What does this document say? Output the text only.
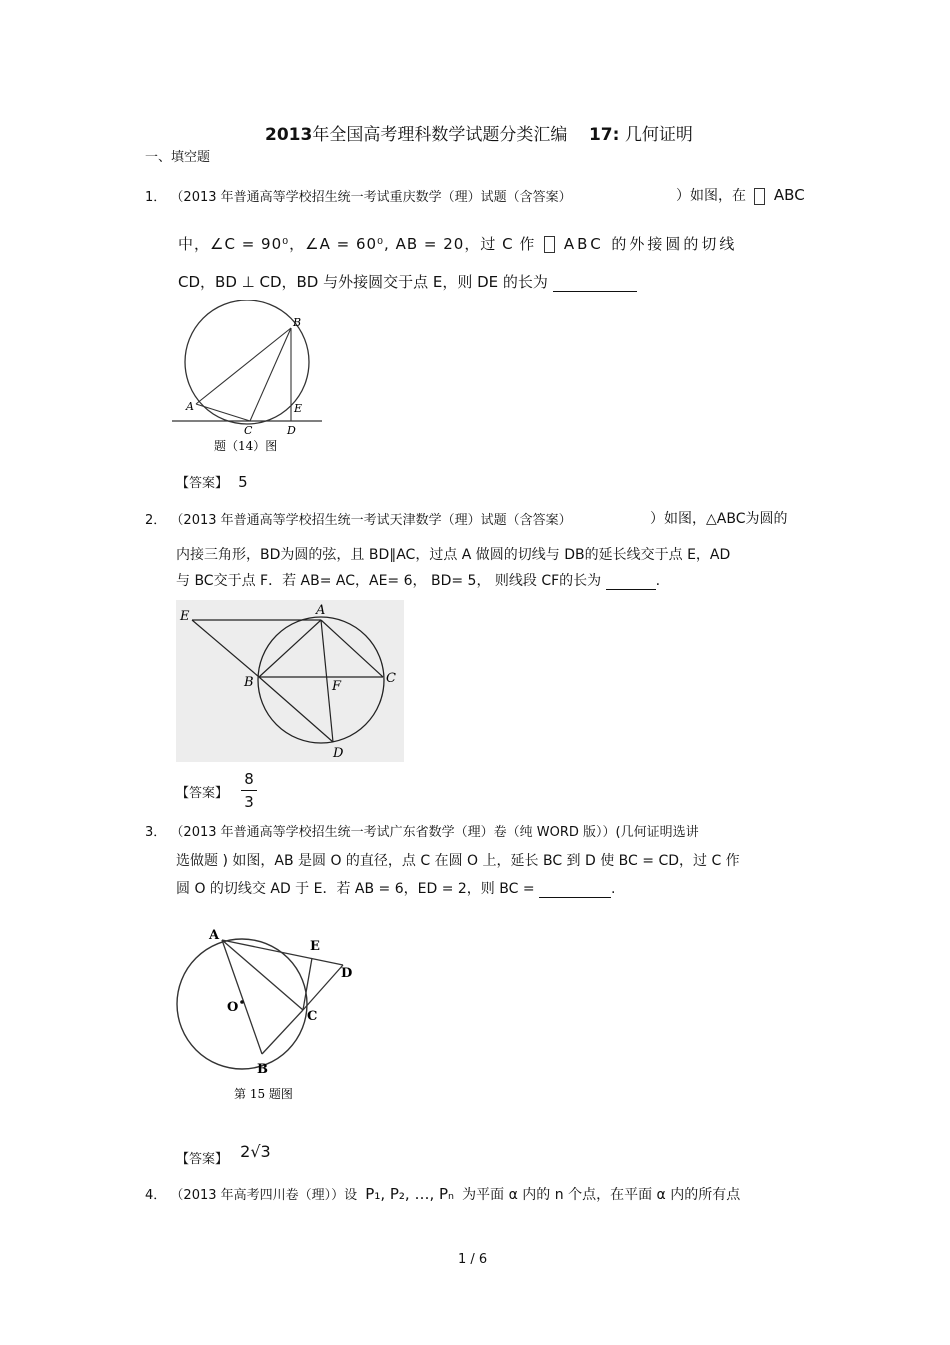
2013年全国高考理科数学试题分类汇编 17: 几何证明
一、填空题
1． （2013 年普通高等学校招生统一考试重庆数学（理）试题（含答案）	）如图，在 ABC
中，∠C = 90⁰，∠A = 60⁰, AB = 20，过 C 作 ABC 的外接圆的切线
CD，BD ⊥ CD，BD 与外接圆交于点 E，则 DE 的长为
B
A	E
C	D
题（14）图
【答案】 5
2． （2013 年普通高等学校招生统一考试天津数学（理）试题（含答案）	）如图，△ABC为圆的
内接三角形，BD为圆的弦，且 BD∥AC，过点 A 做圆的切线与 DB的延长线交于点 E，AD
与 BC交于点 F．若 AB= AC，AE= 6， BD= 5， 则线段 CF的长为	.
E	A
B	F
C
D
【答案】
8
3
3． （2013 年普通高等学校招生统一考试广东省数学（理）卷（纯 WORD 版））(几何证明选讲
选做题 ) 如图，AB 是圆 O 的直径，点 C 在圆 O 上，延长 BC 到 D 使 BC = CD，过 C 作
圆 O 的切线交 AD 于 E．若 AB = 6，ED = 2，则 BC =	.
A
E
D
O
C
B
第 15 题图
【答案】 2√3
4． （2013 年高考四川卷（理））设 P₁, P₂, …, Pₙ 为平面 α 内的 n 个点，在平面 α 内的所有点
1 / 6
